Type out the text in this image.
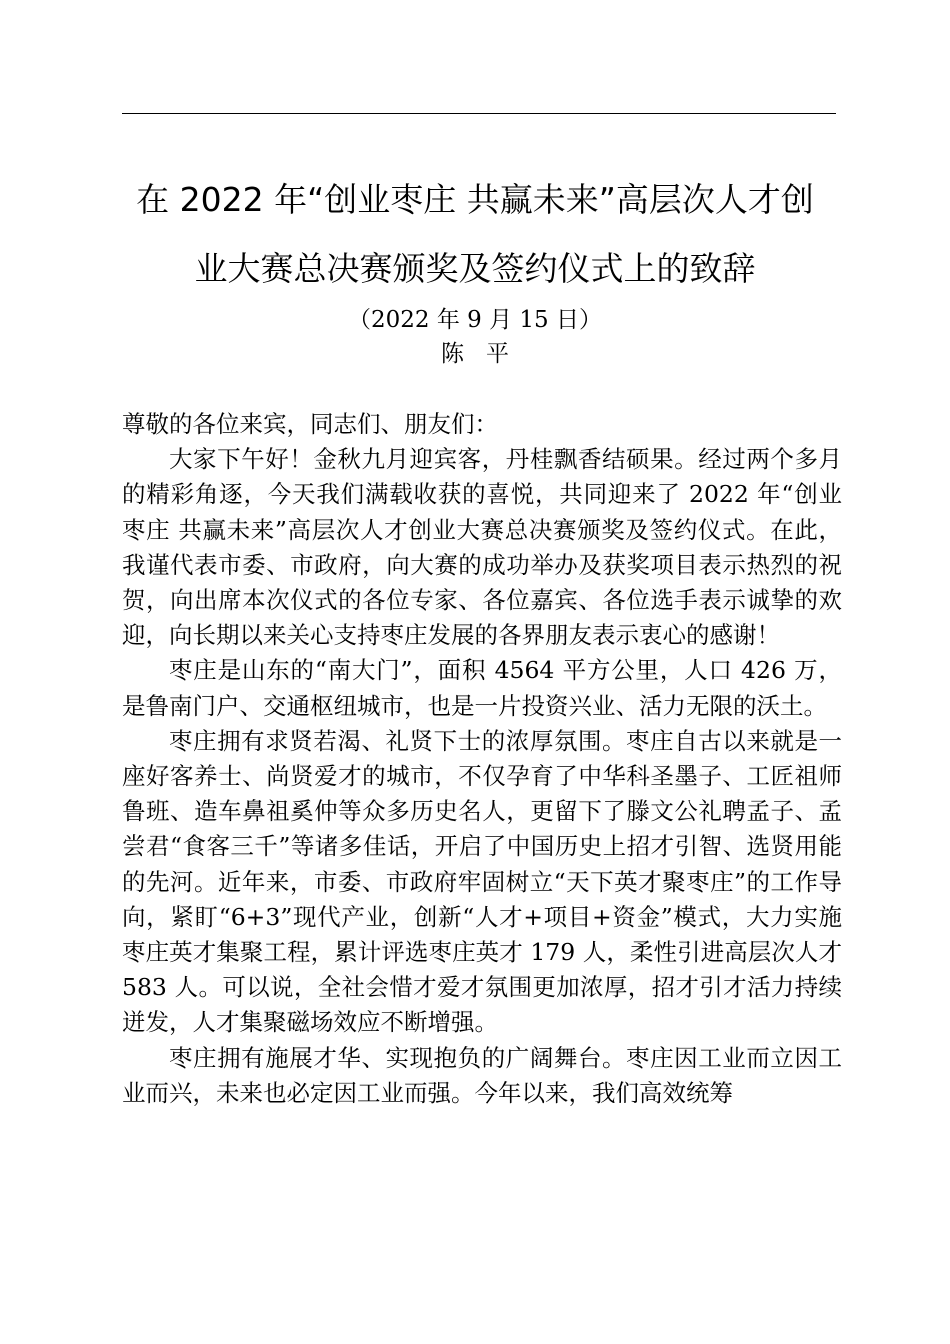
在 2022 年“创业枣庄 共赢未来”高层次人才创
业大赛总决赛颁奖及签约仪式上的致辞
（2022 年 9 月 15 日）
陈平

尊敬的各位来宾，同志们、朋友们：

大家下午好！金秋九月迎宾客，丹桂飘香结硕果。经过两个多月的精彩角逐，今天我们满载收获的喜悦，共同迎来了 2022 年“创业枣庄 共赢未来”高层次人才创业大赛总决赛颁奖及签约仪式。在此，我谨代表市委、市政府，向大赛的成功举办及获奖项目表示热烈的祝贺，向出席本次仪式的各位专家、各位嘉宾、各位选手表示诚挚的欢迎，向长期以来关心支持枣庄发展的各界朋友表示衷心的感谢！

枣庄是山东的“南大门”，面积 4564 平方公里，人口 426 万，是鲁南门户、交通枢纽城市，也是一片投资兴业、活力无限的沃土。

枣庄拥有求贤若渴、礼贤下士的浓厚氛围。枣庄自古以来就是一座好客养士、尚贤爱才的城市，不仅孕育了中华科圣墨子、工匠祖师鲁班、造车鼻祖奚仲等众多历史名人，更留下了滕文公礼聘孟子、孟尝君“食客三千”等诸多佳话，开启了中国历史上招才引智、选贤用能的先河。近年来，市委、市政府牢固树立“天下英才聚枣庄”的工作导向，紧盯“6+3”现代产业，创新“人才+项目+资金”模式，大力实施枣庄英才集聚工程，累计评选枣庄英才 179 人，柔性引进高层次人才 583 人。可以说，全社会惜才爱才氛围更加浓厚，招才引才活力持续迸发，人才集聚磁场效应不断增强。

枣庄拥有施展才华、实现抱负的广阔舞台。枣庄因工业而立因工业而兴，未来也必定因工业而强。今年以来，我们高效统筹
